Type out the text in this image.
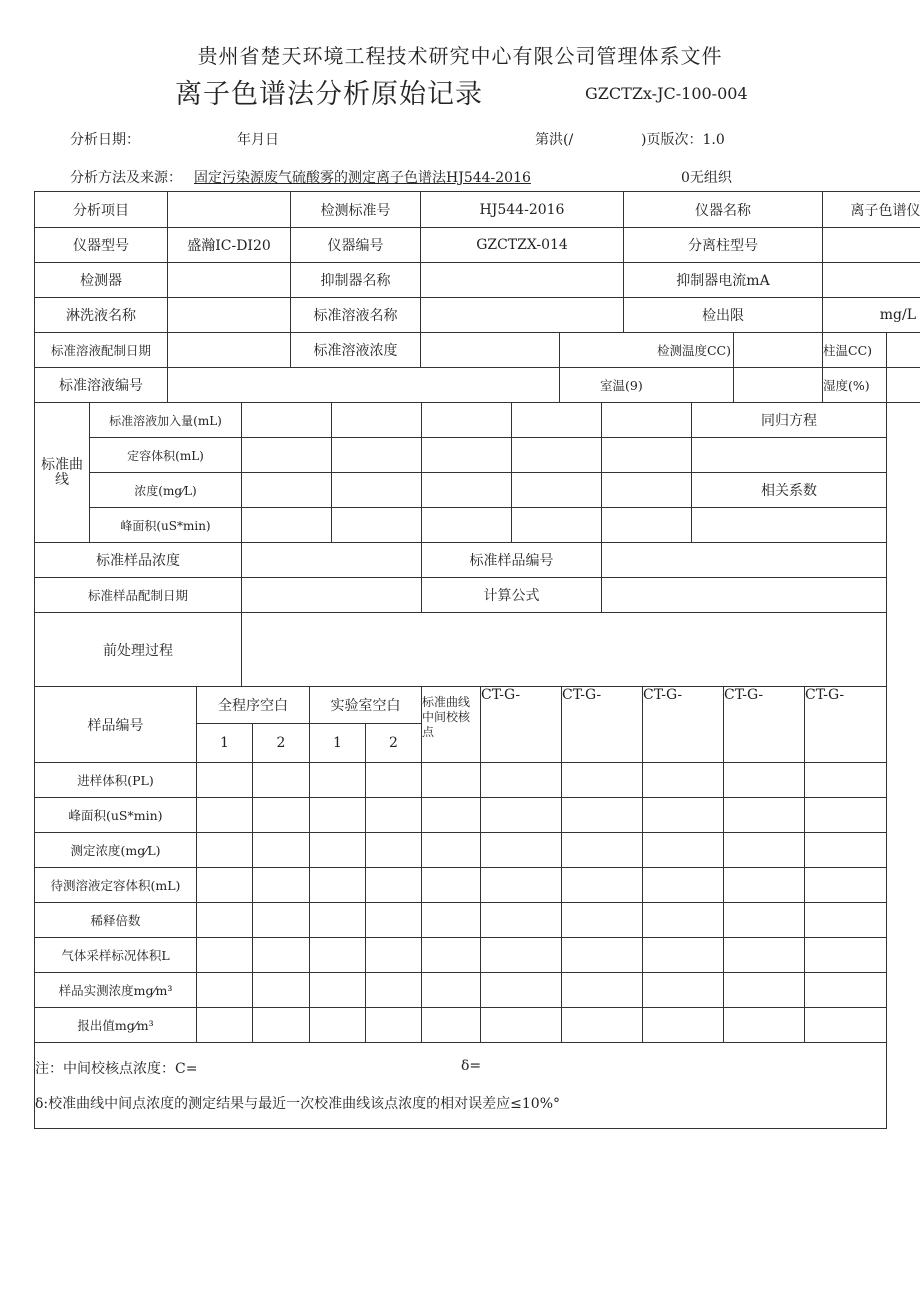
贵州省楚天环境工程技术研究中心有限公司管理体系文件
离子色谱法分析原始记录	GZCTZx-JC-100-004
分析日期：	年月日	第洪(/	)页版次：1.0
分析方法及来源： 固定污染源废气硫酸雾的测定离子色谱法HJ544-2016	0无组织
分析项目		检测标准号	HJ544-2016		仪器名称		离子色谱仪	
仪器型号	盛瀚IC-DI20	仪器编号	GZCTZX-014		分离柱型号			
检测器		抑制器名称			抑制器电流mA			
淋洗液名称		标准溶液名称			检出限		mg/L	
标准溶液配制日期		标准溶液浓度		检测温度CC)			柱温CC)	
标准溶液编号				室温(9)			湿度(%)	
标准曲线	标准溶液加入量(mL)						同归方程
	定容体积(mL)						
	浓度(mg⁄L)						相关系数
	峰面积(uS*min)						
标准样品浓度				标准样品编号			
标准样品配制日期				计算公式			
前处理过程							
样品编号	全程序空白		实验室空白		标准曲线中间校核点	CT-G-	CT-G-	CT-G-	CT-G-	CT-G-
	1	2	1	2						
进样体积(PL)										
峰面积(uS*min)										
测定浓度(mg⁄L)										
待测溶液定容体积(mL)										
稀释倍数										
气体采样标况体积L										
样品实测浓度mg⁄m³										
报出值mg⁄m³										
注：中间校核点浓度：C= δ=										

δ:校准曲线中间点浓度的测定结果与最近一次校准曲线该点浓度的相对误差应≤10%°										
